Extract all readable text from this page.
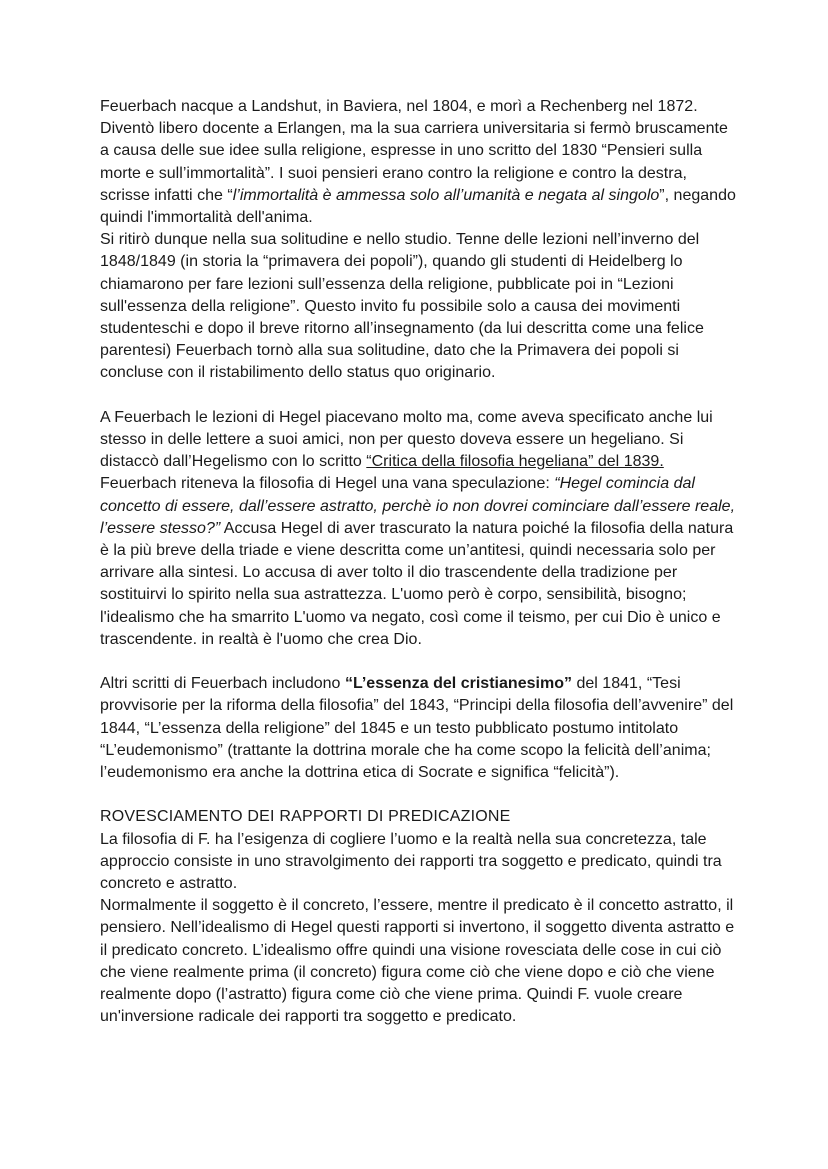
Feuerbach nacque a Landshut, in Baviera, nel 1804, e morì a Rechenberg nel 1872. Diventò libero docente a Erlangen, ma la sua carriera universitaria si fermò bruscamente a causa delle sue idee sulla religione, espresse in uno scritto del 1830 “Pensieri sulla morte e sull’immortalità”. I suoi pensieri erano contro la religione e contro la destra, scrisse infatti che “l’immortalità è ammessa solo all’umanità e negata al singolo”, negando quindi l'immortalità dell'anima.

Si ritirò dunque nella sua solitudine e nello studio. Tenne delle lezioni nell’inverno del 1848/1849 (in storia la “primavera dei popoli”), quando gli studenti di Heidelberg lo chiamarono per fare lezioni sull’essenza della religione, pubblicate poi in “Lezioni sull'essenza della religione”. Questo invito fu possibile solo a causa dei movimenti studenteschi e dopo il breve ritorno all’insegnamento (da lui descritta come una felice parentesi) Feuerbach tornò alla sua solitudine, dato che la Primavera dei popoli si concluse con il ristabilimento dello status quo originario.

A Feuerbach le lezioni di Hegel piacevano molto ma, come aveva specificato anche lui stesso in delle lettere a suoi amici, non per questo doveva essere un hegeliano. Si distaccò dall’Hegelismo con lo scritto “Critica della filosofia hegeliana” del 1839. Feuerbach riteneva la filosofia di Hegel una vana speculazione: “Hegel comincia dal concetto di essere, dall’essere astratto, perchè io non dovrei cominciare dall’essere reale, l’essere stesso?” Accusa Hegel di aver trascurato la natura poiché la filosofia della natura è la più breve della triade e viene descritta come un’antitesi, quindi necessaria solo per arrivare alla sintesi. Lo accusa di aver tolto il dio trascendente della tradizione per sostituirvi lo spirito nella sua astrattezza. L'uomo però è corpo, sensibilità, bisogno; l'idealismo che ha smarrito L'uomo va negato, così come il teismo, per cui Dio è unico e trascendente. in realtà è l'uomo che crea Dio.

Altri scritti di Feuerbach includono “L’essenza del cristianesimo” del 1841, “Tesi provvisorie per la riforma della filosofia” del 1843, “Principi della filosofia dell’avvenire” del 1844, “L’essenza della religione” del 1845 e un testo pubblicato postumo intitolato “L’eudemonismo” (trattante la dottrina morale che ha come scopo la felicità dell’anima; l’eudemonismo era anche la dottrina etica di Socrate e significa “felicità”).

ROVESCIAMENTO DEI RAPPORTI DI PREDICAZIONE

La filosofia di F. ha l’esigenza di cogliere l’uomo e la realtà nella sua concretezza, tale approccio consiste in uno stravolgimento dei rapporti tra soggetto e predicato, quindi tra concreto e astratto.

Normalmente il soggetto è il concreto, l’essere, mentre il predicato è il concetto astratto, il pensiero. Nell’idealismo di Hegel questi rapporti si invertono, il soggetto diventa astratto e il predicato concreto. L’idealismo offre quindi una visione rovesciata delle cose in cui ciò che viene realmente prima (il concreto) figura come ciò che viene dopo e ciò che viene realmente dopo (l’astratto) figura come ciò che viene prima. Quindi F. vuole creare un'inversione radicale dei rapporti tra soggetto e predicato.
